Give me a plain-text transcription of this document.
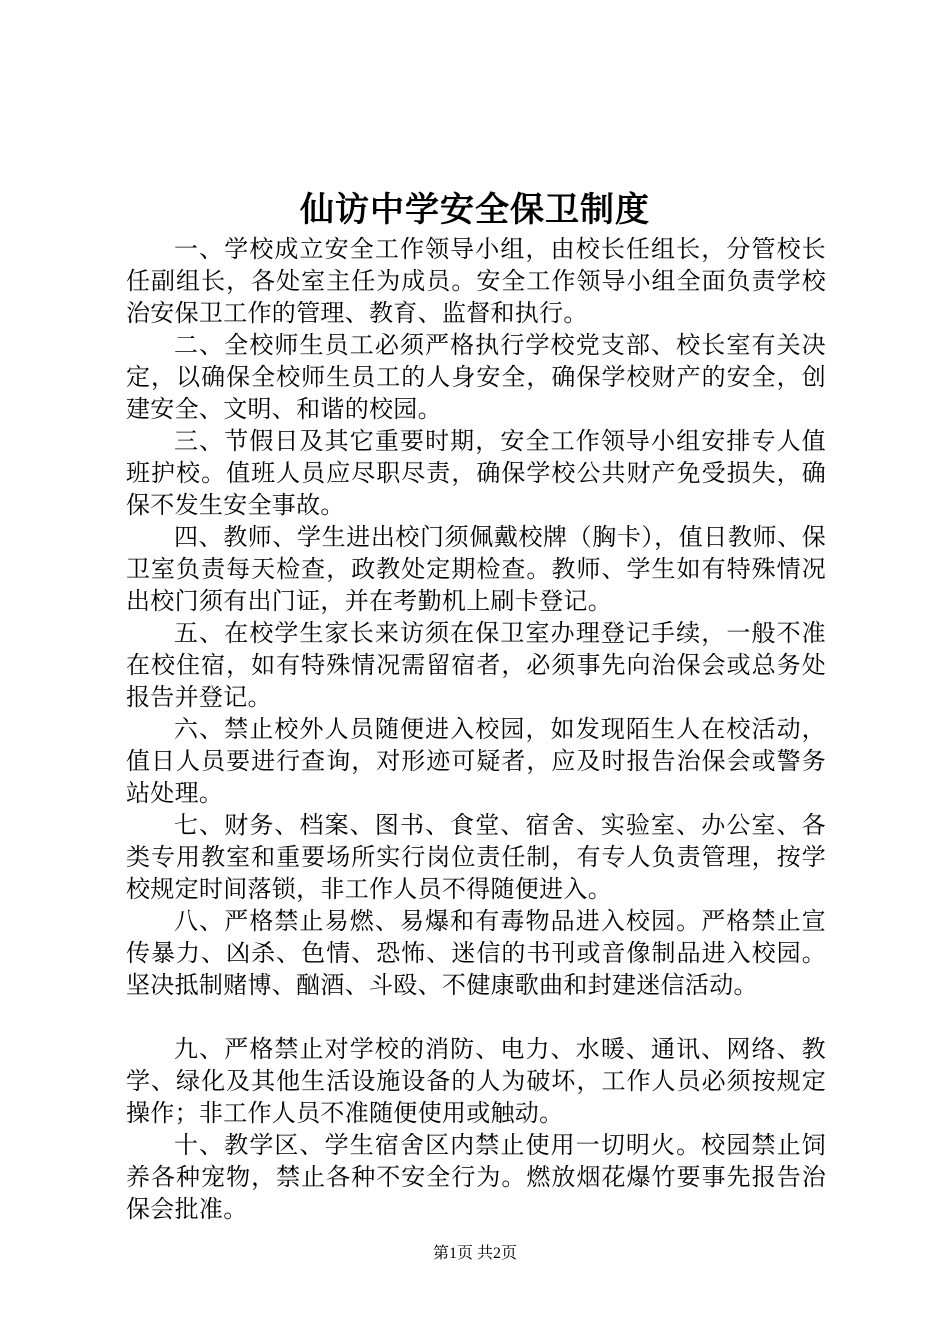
仙访中学安全保卫制度

一、学校成立安全工作领导小组，由校长任组长，分管校长任副组长，各处室主任为成员。安全工作领导小组全面负责学校治安保卫工作的管理、教育、监督和执行。

二、全校师生员工必须严格执行学校党支部、校长室有关决定，以确保全校师生员工的人身安全，确保学校财产的安全，创建安全、文明、和谐的校园。

三、节假日及其它重要时期，安全工作领导小组安排专人值班护校。值班人员应尽职尽责，确保学校公共财产免受损失，确保不发生安全事故。

四、教师、学生进出校门须佩戴校牌（胸卡），值日教师、保卫室负责每天检查，政教处定期检查。教师、学生如有特殊情况出校门须有出门证，并在考勤机上刷卡登记。

五、在校学生家长来访须在保卫室办理登记手续，一般不准在校住宿，如有特殊情况需留宿者，必须事先向治保会或总务处报告并登记。

六、禁止校外人员随便进入校园，如发现陌生人在校活动，值日人员要进行查询，对形迹可疑者，应及时报告治保会或警务站处理。

七、财务、档案、图书、食堂、宿舍、实验室、办公室、各类专用教室和重要场所实行岗位责任制，有专人负责管理，按学校规定时间落锁，非工作人员不得随便进入。

八、严格禁止易燃、易爆和有毒物品进入校园。严格禁止宣传暴力、凶杀、色情、恐怖、迷信的书刊或音像制品进入校园。坚决抵制赌博、酗酒、斗殴、不健康歌曲和封建迷信活动。

九、严格禁止对学校的消防、电力、水暖、通讯、网络、教学、绿化及其他生活设施设备的人为破坏，工作人员必须按规定操作；非工作人员不准随便使用或触动。

十、教学区、学生宿舍区内禁止使用一切明火。校园禁止饲养各种宠物，禁止各种不安全行为。燃放烟花爆竹要事先报告治保会批准。

第1页 共2页
